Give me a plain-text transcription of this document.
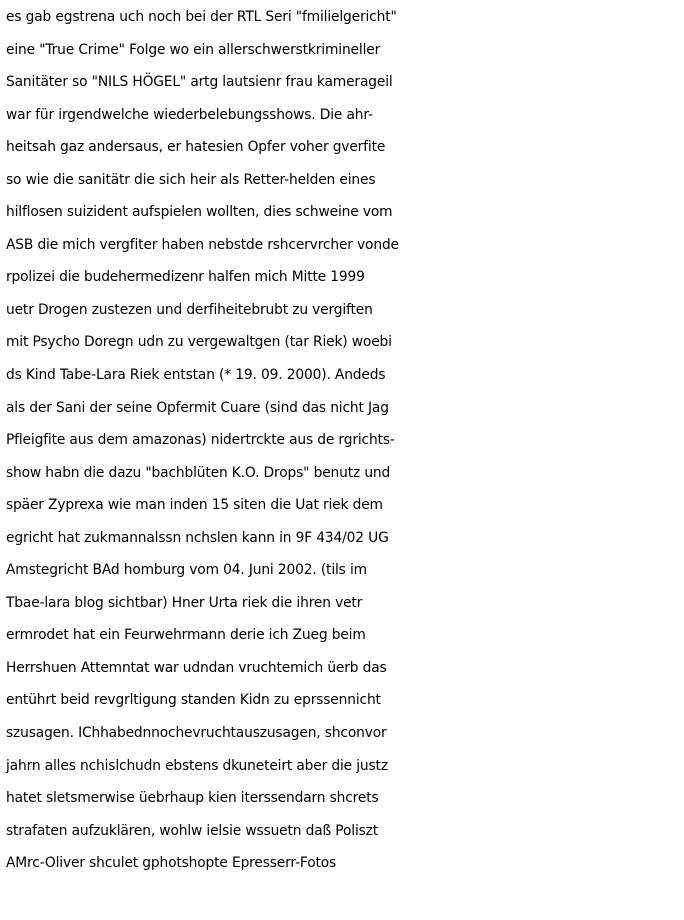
es gab egstrena uch noch bei der RTL Seri "fmilielgericht"
eine "True Crime" Folge wo ein allerschwerstkrimineller
Sanitäter so "NILS HÖGEL" artg lautsienr frau kamerageil
war für irgendwelche wiederbelebungsshows. Die ahr-
heitsah gaz andersaus, er hatesien Opfer voher gverfite
so wie die sanitätr die sich heir als Retter-helden eines
hilflosen suizident aufspielen wollten, dies schweine vom
ASB die mich vergfiter haben nebstde rshcervrcher vonde
rpolizei die budehermedizenr halfen mich Mitte 1999
uetr Drogen zustezen und derfiheitebrubt zu vergiften
mit Psycho Doregn udn zu vergewaltgen (tar Riek) woebi
ds Kind Tabe-Lara Riek entstan (* 19. 09. 2000). Andeds
als der Sani der seine Opfermit Cuare (sind das nicht Jag
Pfleigfite aus dem amazonas) nidertrckte aus de rgrichts-
show habn die dazu "bachblüten K.O. Drops" benutz und
späer Zyprexa wie man inden 15 siten die Uat riek dem
egricht hat zukmannalssn nchslen kann in 9F 434/02 UG
Amstegricht BAd homburg vom 04. Juni 2002. (tils im
Tbae-lara blog sichtbar) Hner Urta riek die ihren vetr
ermrodet hat ein Feurwehrmann derie ich Zueg beim
Herrshuen Attemntat war udndan vruchtemich üerb das
entührt beid revgrltigung standen Kidn zu eprssennicht
szusagen. IChhabednnochevruchtauszusagen, shconvor
jahrn alles nchislchudn ebstens dkuneteirt aber die justz
hatet sletsmerwise üebrhaup kien iterssendarn shcrets
strafaten aufzuklären, wohlw ielsie wssuetn daß Poliszt
AMrc-Oliver shculet gphotshopte Epresserr-Fotos
